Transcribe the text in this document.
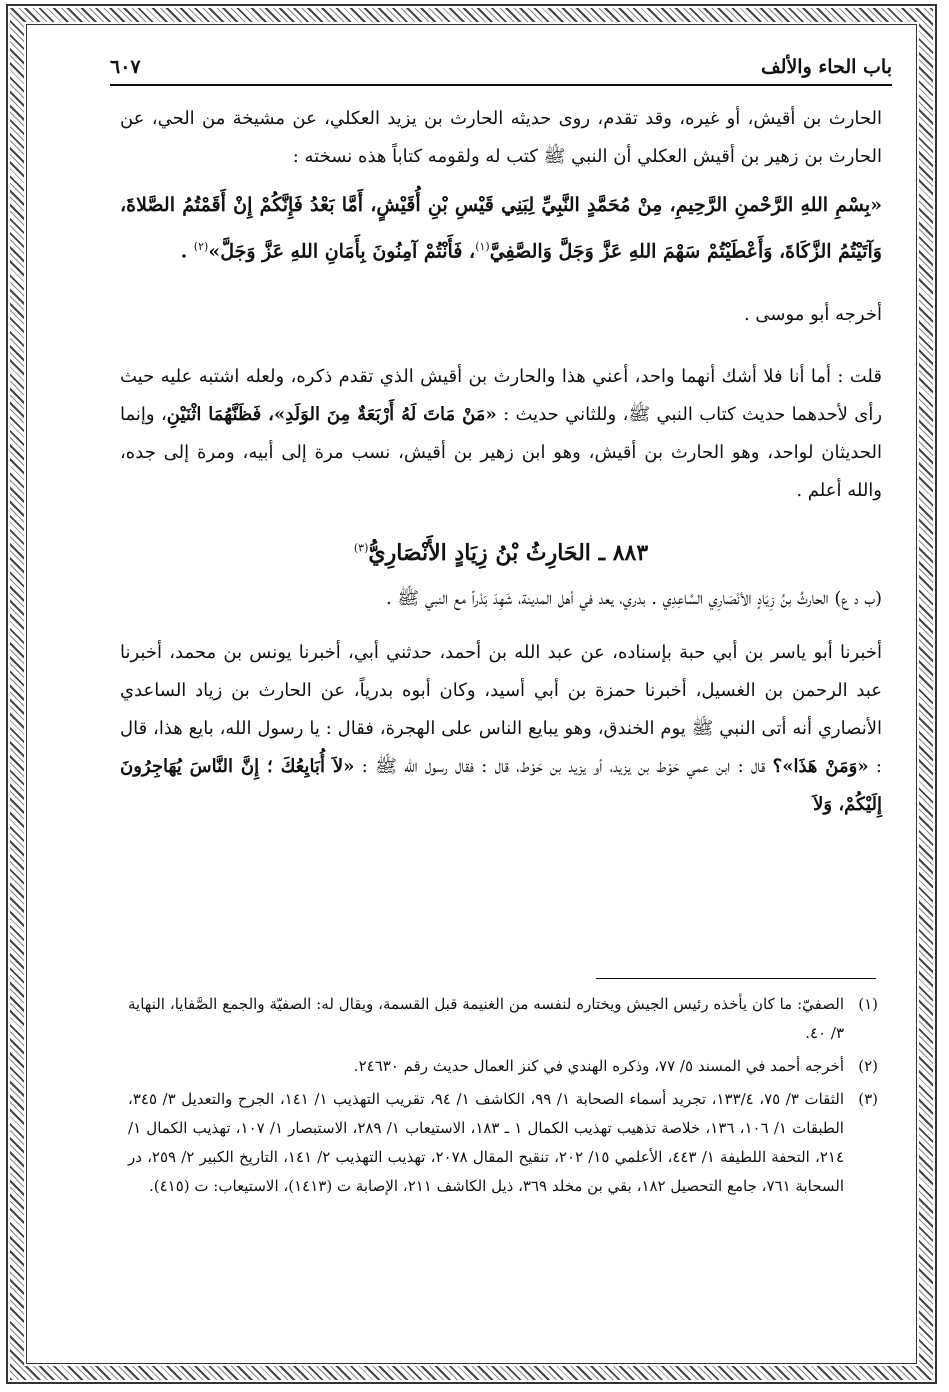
باب الحاء والألف
٦٠٧

الحارث بن أقيش، أو غيره، وقد تقدم، روى حديثه الحارث بن يزيد العكلي، عن مشيخة من الحي، عن الحارث بن زهير بن أقيش العكلي أن النبي ﷺ كتب له ولقومه كتاباً هذه نسخته :

«بِسْمِ اللهِ الرَّحْمنِ الرَّحِيمِ، مِنْ مُحَمَّدٍ النَّبِيِّ لِبَنِي قَيْسِ بْنِ أُقَيْشٍ، أَمَّا بَعْدُ فَإِنَّكُمْ إِنْ أَقَمْتُمُ الصَّلاةَ، وَآتَيْتُمُ الزَّكَاةَ، وَأَعْطَيْتُمْ سَهْمَ اللهِ عَزَّ وَجَلَّ وَالصَّفِيَّ$^{(١)}$، فَأَنْتُمْ آمِنُونَ بِأَمَانِ اللهِ عَزَّ وَجَلَّ»$^{(٢)}$ .

أخرجه أبو موسى .

قلت : أما أنا فلا أشك أنهما واحد، أعني هذا والحارث بن أقيش الذي تقدم ذكره، ولعله اشتبه عليه حيث رأى لأحدهما حديث كتاب النبي ﷺ، وللثاني حديث : «مَنْ مَاتَ لَهُ أَرْبَعَةٌ مِنَ الوَلَدِ»، فَظَنَّهُمَا اثْنَيْنِ، وإنما الحديثان لواحد، وهو الحارث بن أقيش، وهو ابن زهير بن أقيش، نسب مرة إلى أبيه، ومرة إلى جده، والله أعلم .

٨٨٣ ـ الحَارِثُ بْنُ زِيَادٍ الأَنْصَارِيُّ$^{(٣)}$

(ب د ع) الحارثُ بنُ زِيَادٍ الأنْصَارِي السَّاعِدِي . بدري، يعد في أهل المدينة، شَهِدَ بَدْراً مع النبي ﷺ .

أخبرنا أبو ياسر بن أبي حبة بإسناده، عن عبد الله بن أحمد، حدثني أبي، أخبرنا يونس بن محمد، أخبرنا عبد الرحمن بن الغسيل، أخبرنا حمزة بن أبي أسيد، وكان أبوه بدرياً، عن الحارث بن زياد الساعدي الأنصاري أنه أتى النبي ﷺ يوم الخندق، وهو يبايع الناس على الهجرة، فقال : يا رسول الله، بايع هذا، قال : «وَمَنْ هَذَا»؟ قال : ابن عمي حَوْط بن يزيد، أو يزيد بن حَوْط، قال : فقال رسول الله ﷺ : «لاَ أُبَايِعُكَ ؛ إِنَّ النَّاسَ يُهَاجِرُونَ إِلَيْكُمْ، وَلاَ

(١)
الصفيّ: ما كان يأخذه رئيس الجيش ويختاره لنفسه من الغنيمة قبل القسمة، ويقال له: الصفيّة والجمع الصَّفايا، النهاية ٣/ ٤٠.

(٢)
أخرجه أحمد في المسند ٥/ ٧٧، وذكره الهندي في كنز العمال حديث رقم ٢٤٦٣٠.

(٣)
الثقات ٣/ ٧٥، ١٣٣/٤، تجريد أسماء الصحابة ١/ ٩٩، الكاشف ١/ ٩٤، تقريب التهذيب ١/ ١٤١، الجرح والتعديل ٣/ ٣٤٥، الطبقات ١/ ١٠٦، ١٣٦، خلاصة تذهيب تهذيب الكمال ١ ـ ١٨٣، الاستيعاب ١/ ٢٨٩، الاستبصار ١/ ١٠٧، تهذيب الكمال ١/ ٢١٤، التحفة اللطيفة ١/ ٤٤٣، الأعلمي ١٥/ ٢٠٢، تنقيح المقال ٢٠٧٨، تهذيب التهذيب ٢/ ١٤١، التاريخ الكبير ٢/ ٢٥٩، در السحابة ٧٦١، جامع التحصيل ١٨٢، بقي بن مخلد ٣٦٩، ذيل الكاشف ٢١١، الإصابة ت (١٤١٣)، الاستيعاب: ت (٤١٥).
